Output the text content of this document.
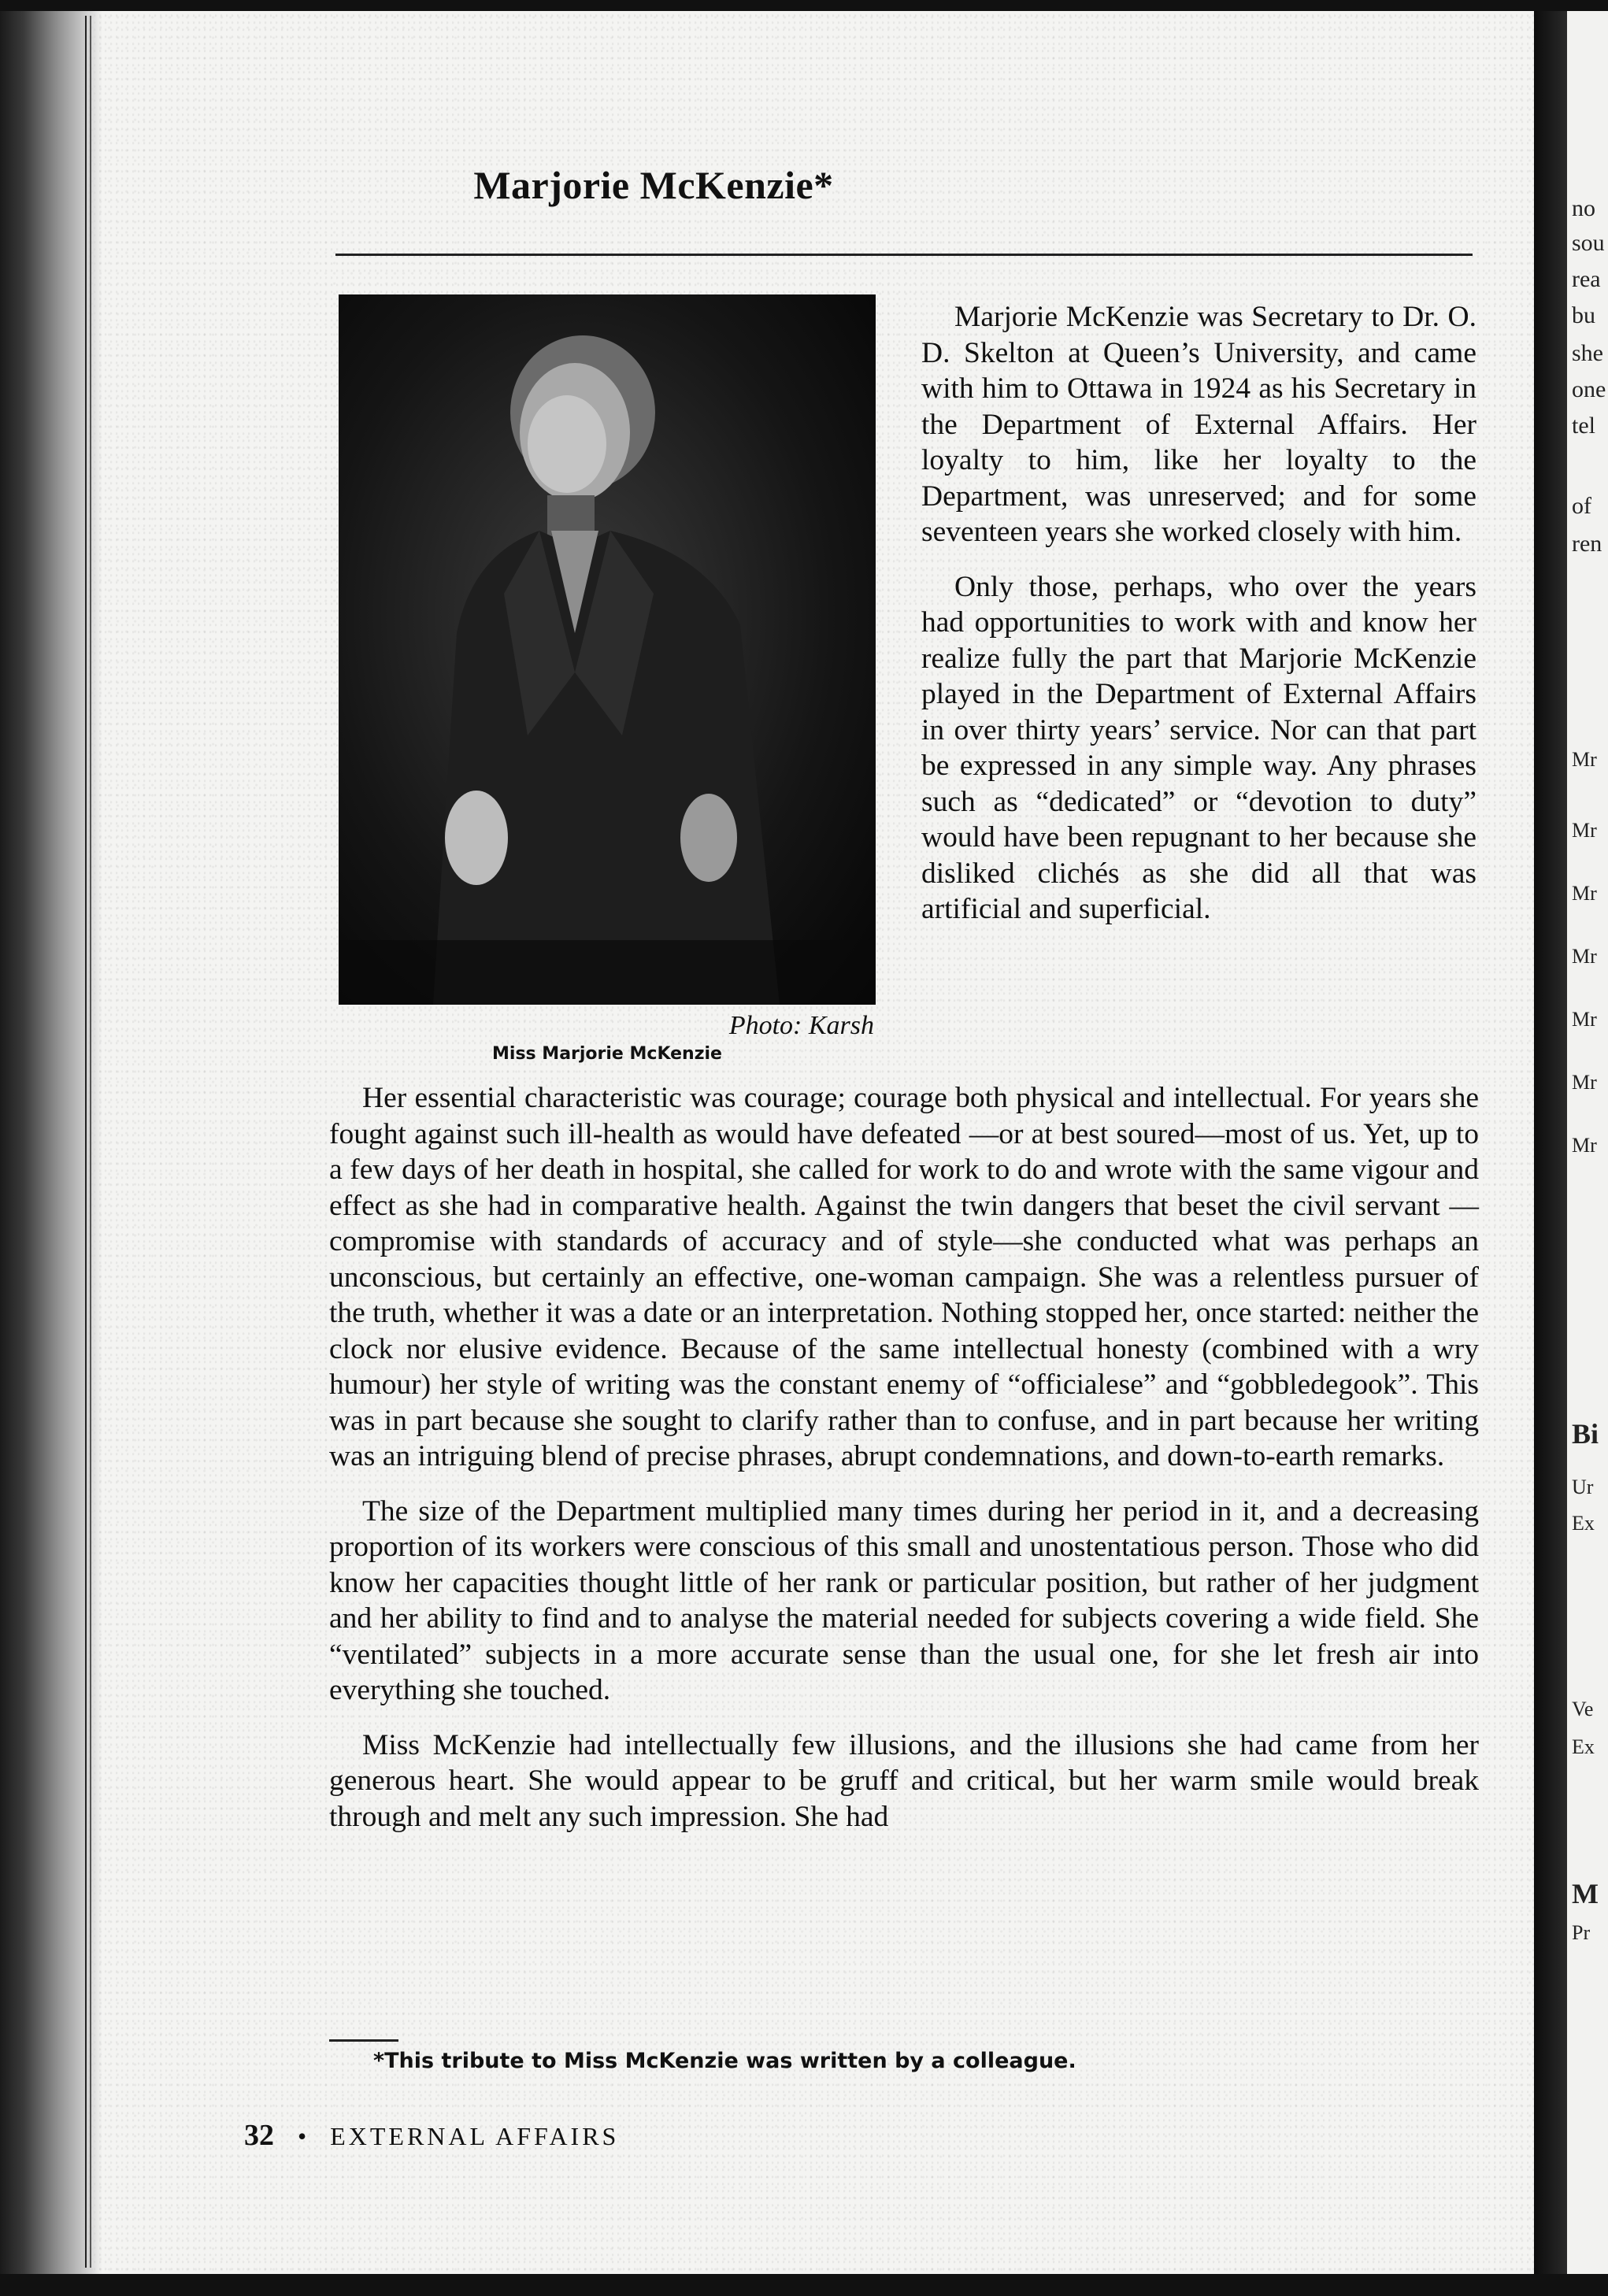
Marjorie McKenzie*
Photo: Karsh
Miss Marjorie McKenzie

Marjorie McKenzie was Secretary to Dr. O. D. Skelton at Queen’s University, and came with him to Ottawa in 1924 as his Secretary in the Department of External Affairs. Her loyalty to him, like her loyalty to the Department, was unreserved; and for some seventeen years she worked closely with him.

Only those, perhaps, who over the years had opportunities to work with and know her realize fully the part that Marjorie McKenzie played in the Department of External Affairs in over thirty years’ service. Nor can that part be expressed in any simple way. Any phrases such as “dedicated” or “devotion to duty” would have been repugnant to her because she disliked clichés as she did all that was artificial and superficial.

Her essential characteristic was courage; courage both physical and intellectual. For years she fought against such ill-health as would have defeated —or at best soured—most of us. Yet, up to a few days of her death in hospital, she called for work to do and wrote with the same vigour and effect as she had in comparative health. Against the twin dangers that beset the civil servant —compromise with standards of accuracy and of style—she conducted what was perhaps an unconscious, but certainly an effective, one-woman campaign. She was a relentless pursuer of the truth, whether it was a date or an interpretation. Nothing stopped her, once started: neither the clock nor elusive evidence. Because of the same intellectual honesty (combined with a wry humour) her style of writing was the constant enemy of “officialese” and “gobbledegook”. This was in part because she sought to clarify rather than to confuse, and in part because her writing was an intriguing blend of precise phrases, abrupt condemnations, and down-to-earth remarks.

The size of the Department multiplied many times during her period in it, and a decreasing proportion of its workers were conscious of this small and unostentatious person. Those who did know her capacities thought little of her rank or particular position, but rather of her judgment and her ability to find and to analyse the material needed for subjects covering a wide field. She “ventilated” subjects in a more accurate sense than the usual one, for she let fresh air into everything she touched.

Miss McKenzie had intellectually few illusions, and the illusions she had came from her generous heart. She would appear to be gruff and critical, but her warm smile would break through and melt any such impression. She had

*This tribute to Miss McKenzie was written by a colleague.
32 • EXTERNAL AFFAIRS
no
sou
rea
bu
she
one
tel
of
ren
Mr
Mr
Mr
Mr
Mr
Mr
Mr
Bi
Ur
Ex
Ve
Ex
M
Pr
